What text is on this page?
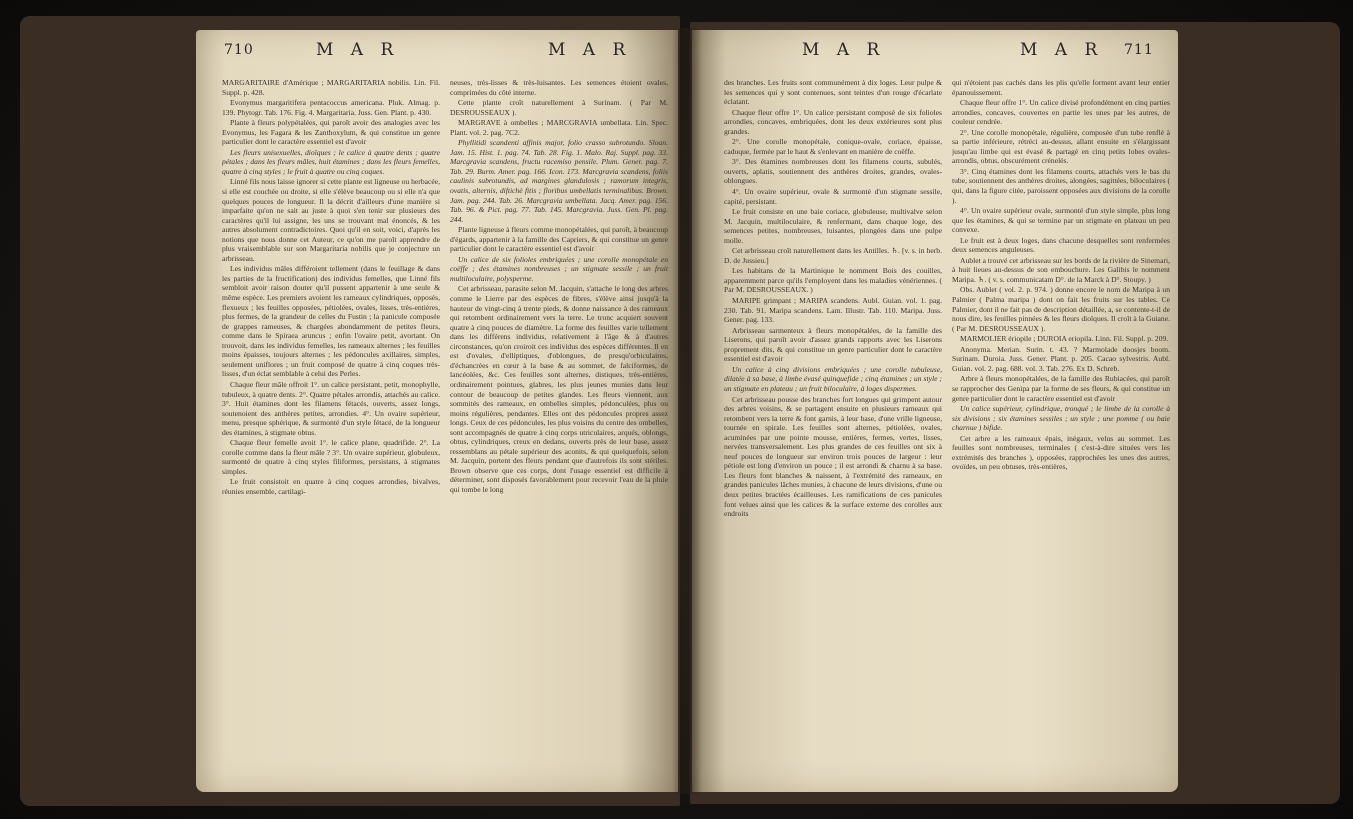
710	M A R	M A R

MARGARITAIRE d'Amérique ; MARGARITARIA nobilis. Lin. Fil. Suppl. p. 428.

Evonymus margaritifera pentacoccus americana. Pluk. Almag. p. 139. Phytogr. Tab. 176. Fig. 4. Margaritaria. Juss. Gen. Plant. p. 430.

Plante à fleurs polypétalées, qui paroît avoir des analogies avec les Evonymus, les Fagara & les Zanthoxylum, & qui constitue un genre particulier dont le caractère essentiel est d'avoir

Les fleurs unisexuelles, dioïques ; le calice à quatre dents ; quatre pétales ; dans les fleurs mâles, huit étamines ; dans les fleurs femelles, quatre à cinq styles ; le fruit à quatre ou cinq coques.

Linné fils nous laisse ignorer si cette plante est ligneuse ou herbacée, si elle est couchée ou droite, si elle s'élève beaucoup ou si elle n'a que quelques pouces de longueur. Il la décrit d'ailleurs d'une manière si imparfaite qu'on ne sait au juste à quoi s'en tenir sur plusieurs des caractères qu'il lui assigne, les uns se trouvant mal énoncés, & les autres absolument contradictoires. Quoi qu'il en soit, voici, d'après les notions que nous donne cet Auteur, ce qu'on me paroît apprendre de plus vraisemblable sur son Margaritaria nobilis que je conjecture un arbrisseau.

Les individus mâles différoient tellement (dans le feuillage & dans les parties de la fructification) des individus femelles, que Linné fils sembloit avoir raison douter qu'il pussent appartenir à une seule & même espèce. Les premiers avoient les rameaux cylindriques, opposés, flexueux ; les feuilles opposées, pétiolées, ovales, lisses, très-entières, plus fermes, de la grandeur de celles du Fustin ; la panicule composée de grappes rameuses, & chargées abondamment de petites fleurs, comme dans le Spiraea aruncus ; enfin l'ovaire petit, avortant. On trouvoit, dans les individus femelles, les rameaux alternes ; les feuilles moins épaisses, toujours alternes ; les pédoncules axillaires, simples, seulement uniflores ; un fruit composé de quatre à cinq coques très-lisses, d'un éclat semblable à celui des Perles.

Chaque fleur mâle offroit 1°. un calice persistant, petit, monophylle, tubuleux, à quatre dents. 2°. Quatre pétales arrondis, attachés au calice. 3°. Huit étamines dont les filamens fétacés, ouverts, assez longs, soutenoient des anthères petites, arrondies. 4°. Un ovaire supérieur, menu, presque sphérique, & surmonté d'un style fétacé, de la longueur des étamines, à stigmate obtus.

Chaque fleur femelle avoit 1°. le calice plane, quadrifide. 2°. La corolle comme dans la fleur mâle ? 3°. Un ovaire supérieur, globuleux, surmonté de quatre à cinq styles filiformes, persistans, à stigmates simples.

Le fruit consistoit en quatre à cinq coques arrondies, bivalves, réunies ensemble, cartilagi-

neuses, très-lisses & très-luisantes. Les semences étoient ovales, comprimées du côté interne.

Cette plante croît naturellement à Surinam. ( Par M. DESROUSSEAUX ).

MARGRAVE à ombelles ; MARCGRAVIA umbellata. Lin. Spec. Plant. vol. 2. pag. 7C2.

Phyllitidi scandenti affinis major, folio crasso subrotundo. Sloan. Jam. 15. Hist. 1. pag. 74. Tab. 28. Fig. 1. Malo. Raj. Suppl. pag. 33. Marcgravia scandens, fructu racemiso pensile. Plum. Gener. pag. 7. Tab. 29. Burm. Amer. pag. 166. Icon. 173. Marcgravia scandens, foliis caulinis subrotundis, ad margines glandulosis ; ramorum integris, ovatis, alternis, diftichè fitis ; floribus umbellatis terminalibus. Brown. Jam. pag. 244. Tab. 26. Marcgravia umbellata. Jacq. Amer. pag. 156. Tab. 96. & Pict. pag. 77. Tab. 145. Marcgravia. Juss. Gen. Pl. pag. 244.

Plante ligneuse à fleurs comme monopétalées, qui paroît, à beaucoup d'égards, appartenir à la famille des Capriers, & qui constitue un genre particulier dont le caractère essentiel est d'avoir

Un calice de six folioles embriquées ; une corolle monopétale en coëffe ; des étamines nombreuses ; un stigmate sessile ; un fruit multiloculaire, polysperme.

Cet arbrisseau, parasite selon M. Jacquin, s'attache le long des arbres comme le Lierre par des espèces de fibres, s'élève ainsi jusqu'à la hauteur de vingt-cinq à trente pieds, & donne naissance à des rameaux qui retombent ordinairement vers la terre. Le tronc acquiert souvent quatre à cinq pouces de diamètre. La forme des feuilles varie tellement dans les différens individus, relativement à l'âge & à d'autres circonstances, qu'on croiroit ces individus des espèces différentes. Il en est d'ovales, d'elliptiques, d'oblongues, de presqu'orbiculaires, d'échancrées en cœur à la base & au sommet, de falciformes, de lancéolées, &c. Ces feuilles sont alternes, distiques, très-entières, ordinairement pointues, glabres, les plus jeunes munies dans leur contour de beaucoup de petites glandes. Les fleurs viennent, aux sommités des rameaux, en ombelles simples, pédonculées, plus ou moins régulières, pendantes. Elles ont des pédoncules propres assez longs. Ceux de ces pédoncules, les plus voisins du centre des ombelles, sont accompagnés de quatre à cinq corps utriculaires, arqués, oblongs, obtus, cylindriques, creux en dedans, ouverts près de leur base, assez ressemblans au pétale supérieur des aconits, & qui quelquefois, selon M. Jacquin, portent des fleurs pendant que d'autrefois ils sont stériles. Brown observe que ces corps, dont l'usage essentiel est difficile à déterminer, sont disposés favorablement pour recevoir l'eau de la pluie qui tombe le long

M A R	M A R 711

des branches. Les fruits sont communément à dix loges. Leur pulpe & les semences qui y sont contenues, sont teintes d'un rouge d'écarlate éclatant.

Chaque fleur offre 1°. Un calice persistant composé de six folioles arrondies, concaves, embriquées, dont les deux extérieures sont plus grandes.

2°. Une corolle monopétale, conique-ovale, coriace, épaisse, caduque, fermée par le haut & s'enlevant en manière de coëffe.

3°. Des étamines nombreuses dont les filamens courts, subulés, ouverts, aplatis, soutiennent des anthères droites, grandes, ovales-oblongues.

4°. Un ovaire supérieur, ovale & surmonté d'un stigmate sessile, capité, persistant.

Le fruit consiste en une baie coriace, globuleuse, multivalve selon M. Jacquin, multiloculaire, & renfermant, dans chaque loge, des semences petites, nombreuses, luisantes, plongées dans une pulpe molle.

Cet arbrisseau croît naturellement dans les Antilles. ♄. [v. s. in herb. D. de Jussieu.]

Les habitans de la Martinique le nomment Bois des couilles, apparemment parce qu'ils l'employent dans les maladies vénériennes. ( Par M. DESROUSSEAUX. )

MARIPE grimpant ; MARIPA scandens. Aubl. Guian. vol. 1. pag. 230. Tab. 91. Maripa scandens. Lam. Illustr. Tab. 110. Maripa. Juss. Gener. pag. 133.

Arbrisseau sarmenteux à fleurs monopétalées, de la famille des Liserons, qui paroît avoir d'assez grands rapports avec les Liserons proprement dits, & qui constitue un genre particulier dont le caractère essentiel est d'avoir

Un calice à cinq divisions embriquées ; une corolle tubuleuse, dilatée à sa base, à limbe évasé quinquefide ; cinq étamines ; un style ; un stigmate en plateau ; un fruit biloculaire, à loges dispermes.

Cet arbrisseau pousse des branches fort longues qui grimpent autour des arbres voisins, & se partagent ensuite en plusieurs rameaux qui retombent vers la terre & font garnis, à leur base, d'une vrille ligneuse, tournée en spirale. Les feuilles sont alternes, pétiolées, ovales, acuminées par une pointe mousse, entières, fermes, vertes, lisses, nervées transversalement. Les plus grandes de ces feuilles ont six à neuf pouces de longueur sur environ trois pouces de largeur : leur pétiole est long d'environ un pouce ; il est arrondi & charnu à sa base. Les fleurs font blanches & naissent, à l'extrémité des rameaux, en grandes panicules lâches munies, à chacune de leurs divisions, d'une ou deux petites bractées écailleuses. Les ramifications de ces panicules font velues ainsi que les calices & la surface externe des corolles aux endroits

qui n'étoient pas cachés dans les plis qu'elle forment avant leur entier épanouissement.

Chaque fleur offre 1°. Un calice divisé profondément en cinq parties arrondies, concaves, couvertes en partie les unes par les autres, de couleur cendrée.

2°. Une corolle monopétale, régulière, composée d'un tube renflé à sa partie inférieure, rétréci au-dessus, allant ensuite en s'élargissant jusqu'au limbe qui est évasé & partagé en cinq petits lobes ovales-arrondis, obtus, obscurément crénelés.

3°. Cinq étamines dont les filamens courts, attachés vers le bas du tube, soutiennent des anthères droites, alongées, sagittées, biloculaires ( qui, dans la figure citée, paroissent opposées aux divisions de la corolle ).

4°. Un ovaire supérieur ovale, surmonté d'un style simple, plus long que les étamines, & qui se termine par un stigmate en plateau un peu convexe.

Le fruit est à deux loges, dans chacune desquelles sont renfermées deux semences anguleuses.

Aublet a trouvé cet arbrisseau sur les bords de la rivière de Sinemari, à huit lieues au-dessus de son embouchure. Les Galibis le nomment Maripa. ♄. ( v. s. communicatam D°. de la Marck à D°. Stoupy. )

Obs. Aublet ( vol. 2. p. 974. ) donne encore le nom de Maripa à un Palmier ( Palma maripa ) dont on fait les fruits sur les tables. Ce Palmier, dont il ne fait pas de description détaillée, a, se contente-t-il de nous dire, les feuilles pinnées & les fleurs dioïques. Il croît à la Guiane. ( Par M. DESROUSSEAUX ).

MARMOLIER ériopile ; DUROIA eriopila. Linn. Fil. Suppl. p. 209.

Anonyma. Merian. Surin. t. 43. ? Marmolade doosjes boom. Surinam. Duroia. Juss. Gener. Plant. p. 205. Cacao sylvestris. Aubl. Guian. vol. 2. pag. 688. vol. 3. Tab. 276. Ex D. Schreb.

Arbre à fleurs monopétalées, de la famille des Rubiacées, qui paroît se rapprocher des Genipa par la forme de ses fleurs, & qui constitue un genre particulier dont le caractère essentiel est d'avoir

Un calice supérieur, cylindrique, tronqué ; le limbe de la corolle à six divisions ; six étamines sessiles ; un style ; une pomme ( ou baie charnue ) bifide.

Cet arbre a les rameaux épais, inégaux, velus au sommet. Les feuilles sont nombreuses, terminales ( c'est-à-dire situées vers les extrémités des branches ), opposées, rapprochées les unes des autres, ovoïdes, un peu obtuses, très-entières,
